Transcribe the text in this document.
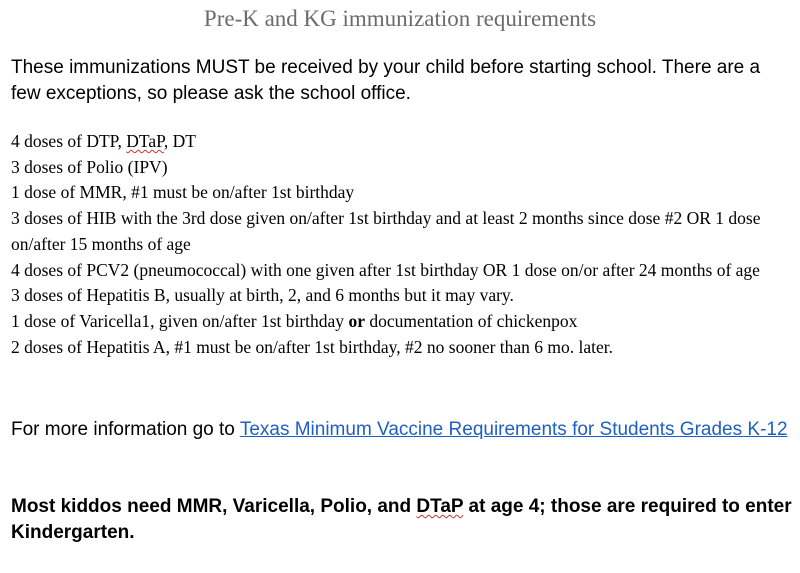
Pre-K and KG immunization requirements

These immunizations MUST be received by your child before starting school. There are a few exceptions, so please ask the school office.

4 doses of DTP, DTaP, DT
3 doses of Polio (IPV)
1 dose of MMR, #1 must be on/after 1st birthday
3 doses of HIB with the 3rd dose given on/after 1st birthday and at least 2 months since dose #2 OR 1 dose on/after 15 months of age
4 doses of PCV2 (pneumococcal) with one given after 1st birthday OR 1 dose on/or after 24 months of age
3 doses of Hepatitis B, usually at birth, 2, and 6 months but it may vary.
1 dose of Varicella1, given on/after 1st birthday or documentation of chickenpox
2 doses of Hepatitis A, #1 must be on/after 1st birthday, #2 no sooner than 6 mo. later.

For more information go to Texas Minimum Vaccine Requirements for Students Grades K-12

Most kiddos need MMR, Varicella, Polio, and DTaP at age 4; those are required to enter Kindergarten.
